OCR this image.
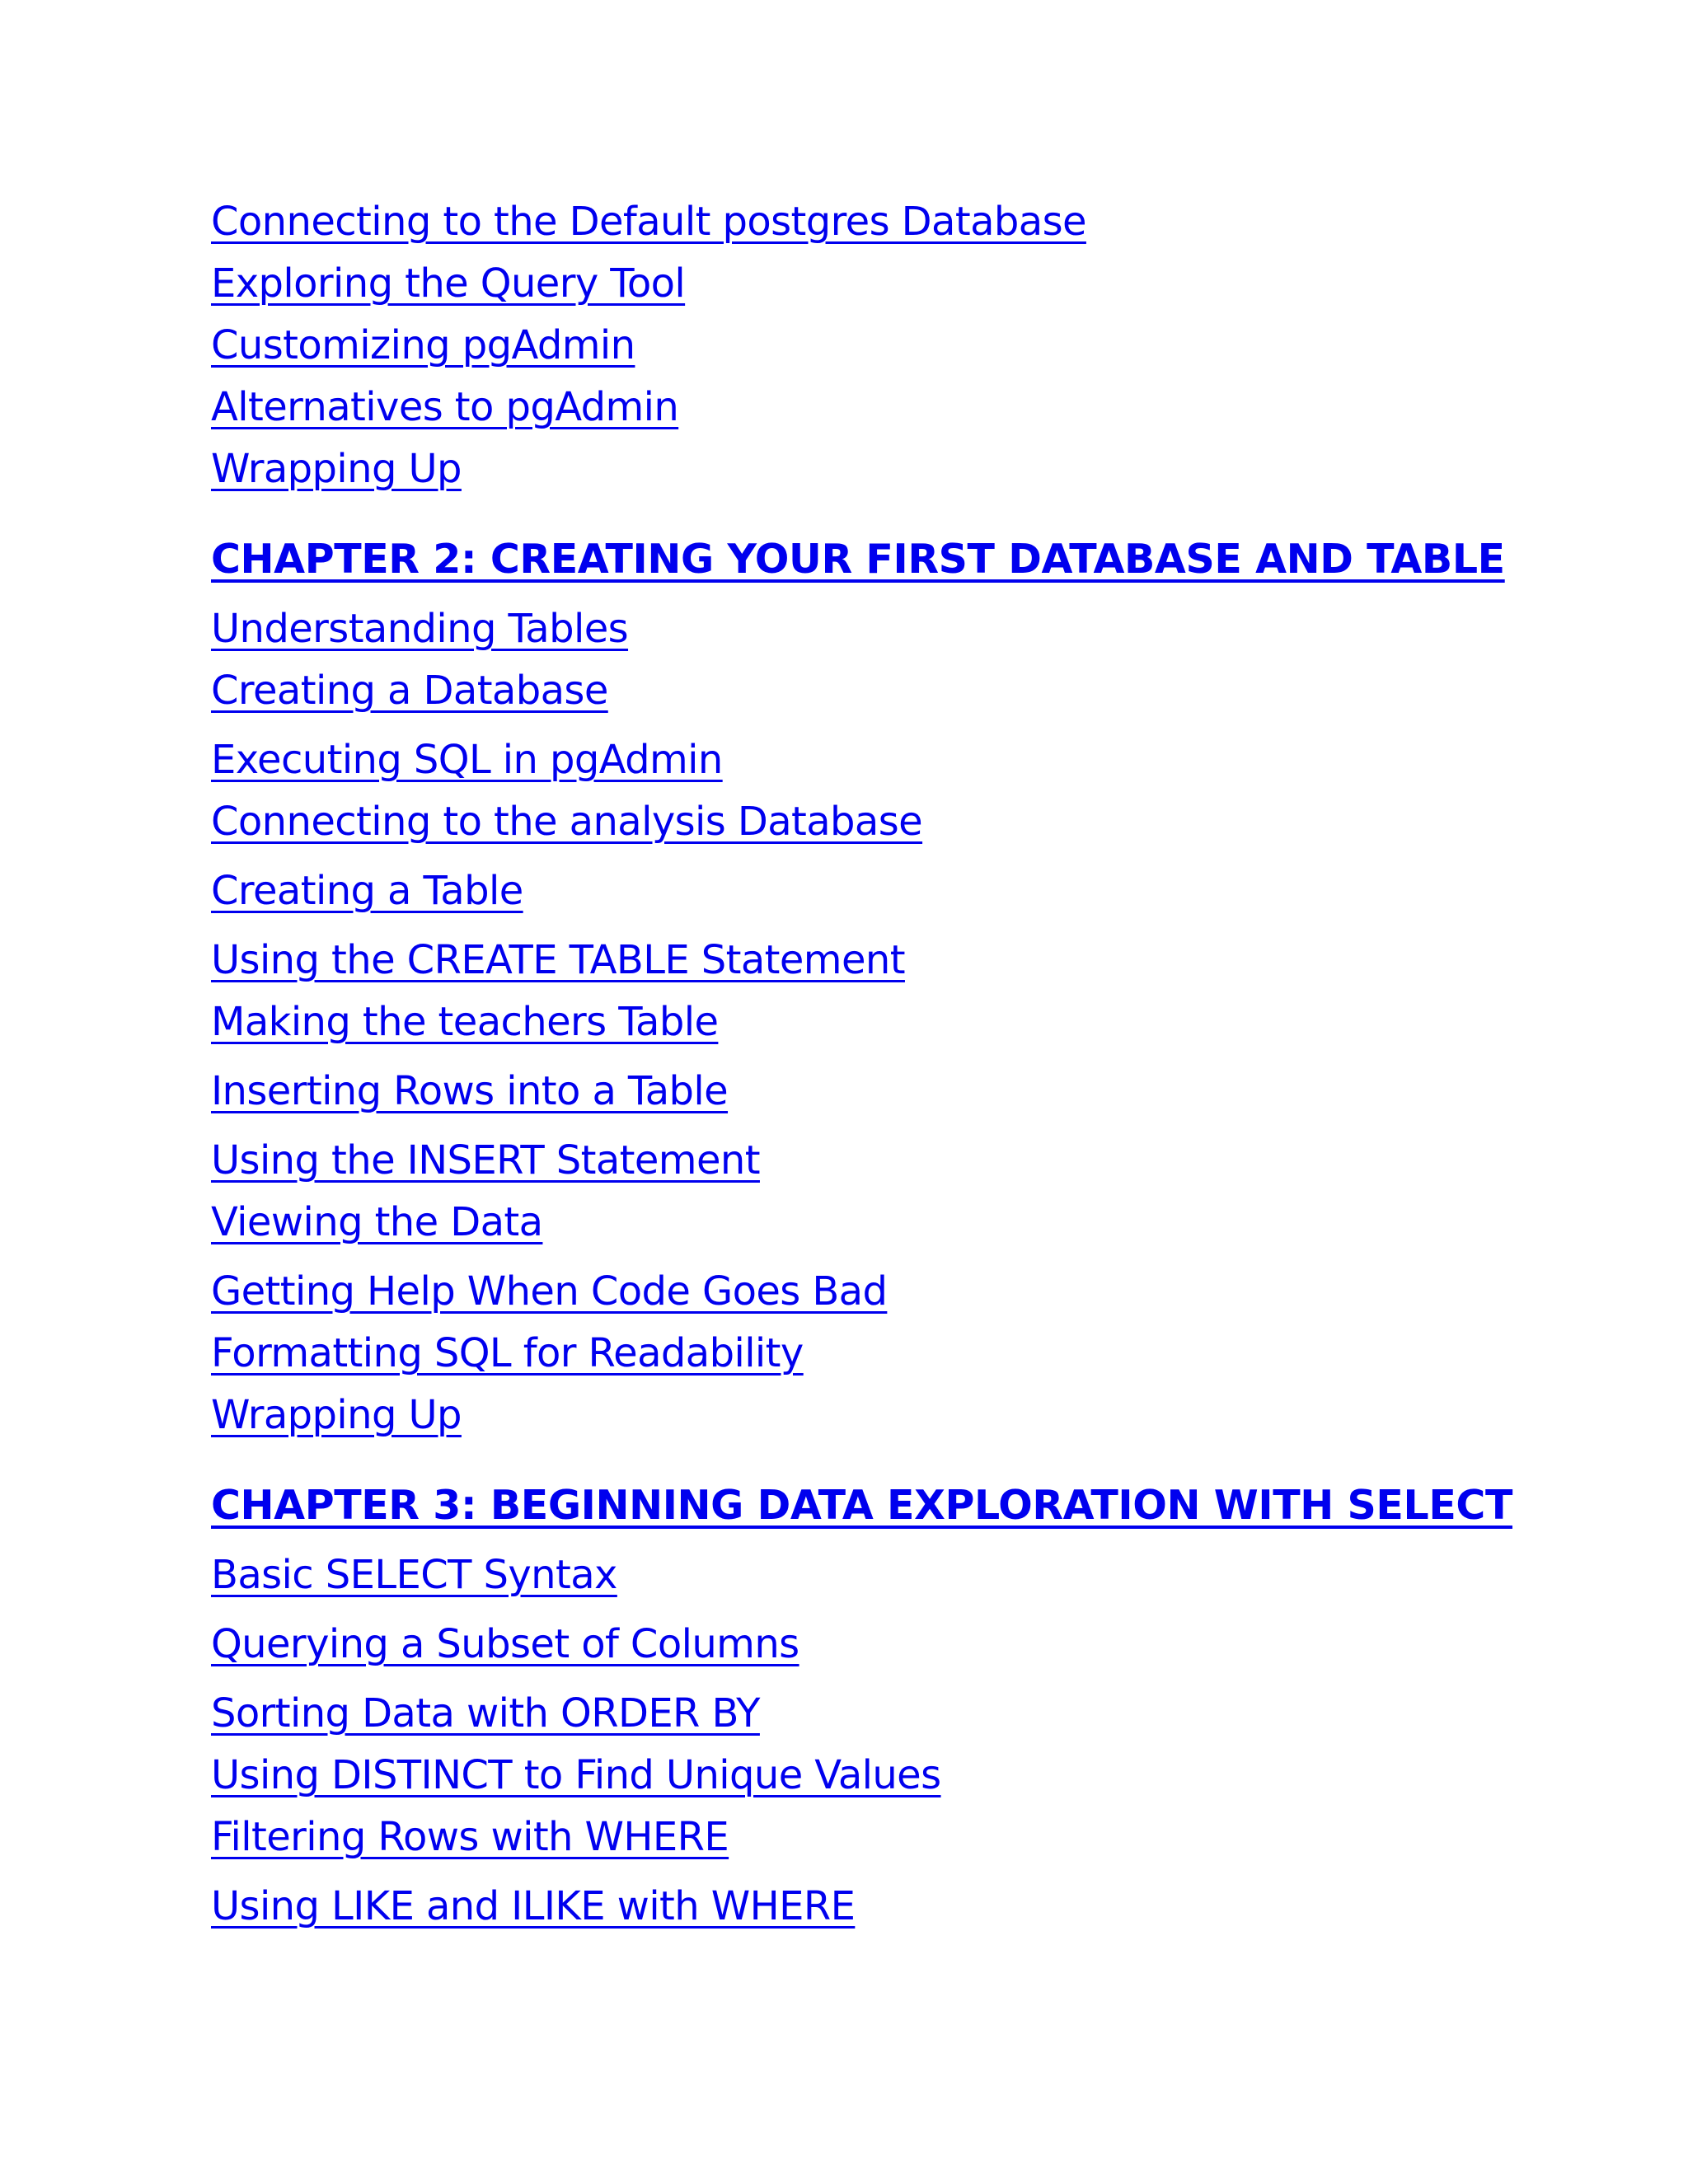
Connecting to the Default postgres Database
Exploring the Query Tool
Customizing pgAdmin
Alternatives to pgAdmin
Wrapping Up
CHAPTER 2: CREATING YOUR FIRST DATABASE AND TABLE
Understanding Tables
Creating a Database
Executing SQL in pgAdmin
Connecting to the analysis Database
Creating a Table
Using the CREATE TABLE Statement
Making the teachers Table
Inserting Rows into a Table
Using the INSERT Statement
Viewing the Data
Getting Help When Code Goes Bad
Formatting SQL for Readability
Wrapping Up
CHAPTER 3: BEGINNING DATA EXPLORATION WITH SELECT
Basic SELECT Syntax
Querying a Subset of Columns
Sorting Data with ORDER BY
Using DISTINCT to Find Unique Values
Filtering Rows with WHERE
Using LIKE and ILIKE with WHERE
